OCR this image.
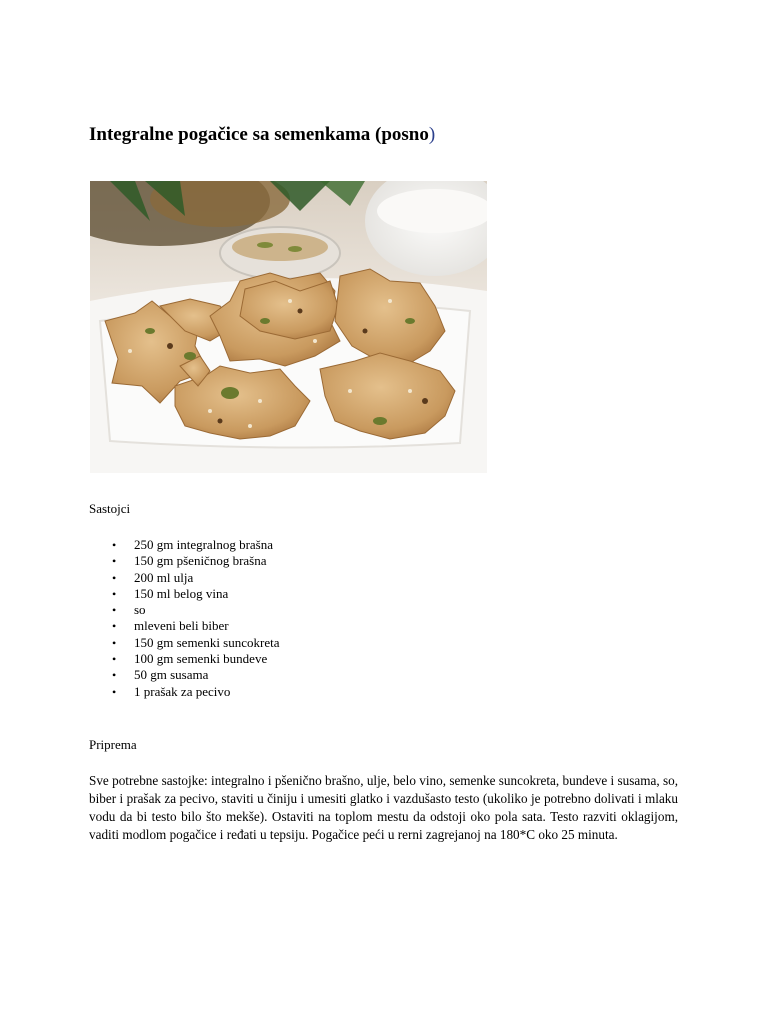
Integralne pogačice sa semenkama (posno)

Sastojci

• 250 gm integralnog brašna
• 150 gm pšeničnog brašna
• 200 ml ulja
• 150 ml belog vina
• so
• mleveni beli biber
• 150 gm semenki suncokreta
• 100 gm semenki bundeve
• 50 gm susama
• 1 prašak za pecivo

Priprema

Sve potrebne sastojke: integralno i pšenično brašno, ulje, belo vino, semenke suncokreta, bundeve i susama, so, biber i prašak za pecivo, staviti u činiju i umesiti glatko i vazdušasto testo (ukoliko je potrebno dolivati i mlaku vodu da bi testo bilo što mekše). Ostaviti na toplom mestu da odstoji oko pola sata. Testo razviti oklagijom, vaditi modlom pogačice i ređati u tepsiju. Pogačice peći u rerni zagrejanoj na 180*C oko 25 minuta.
